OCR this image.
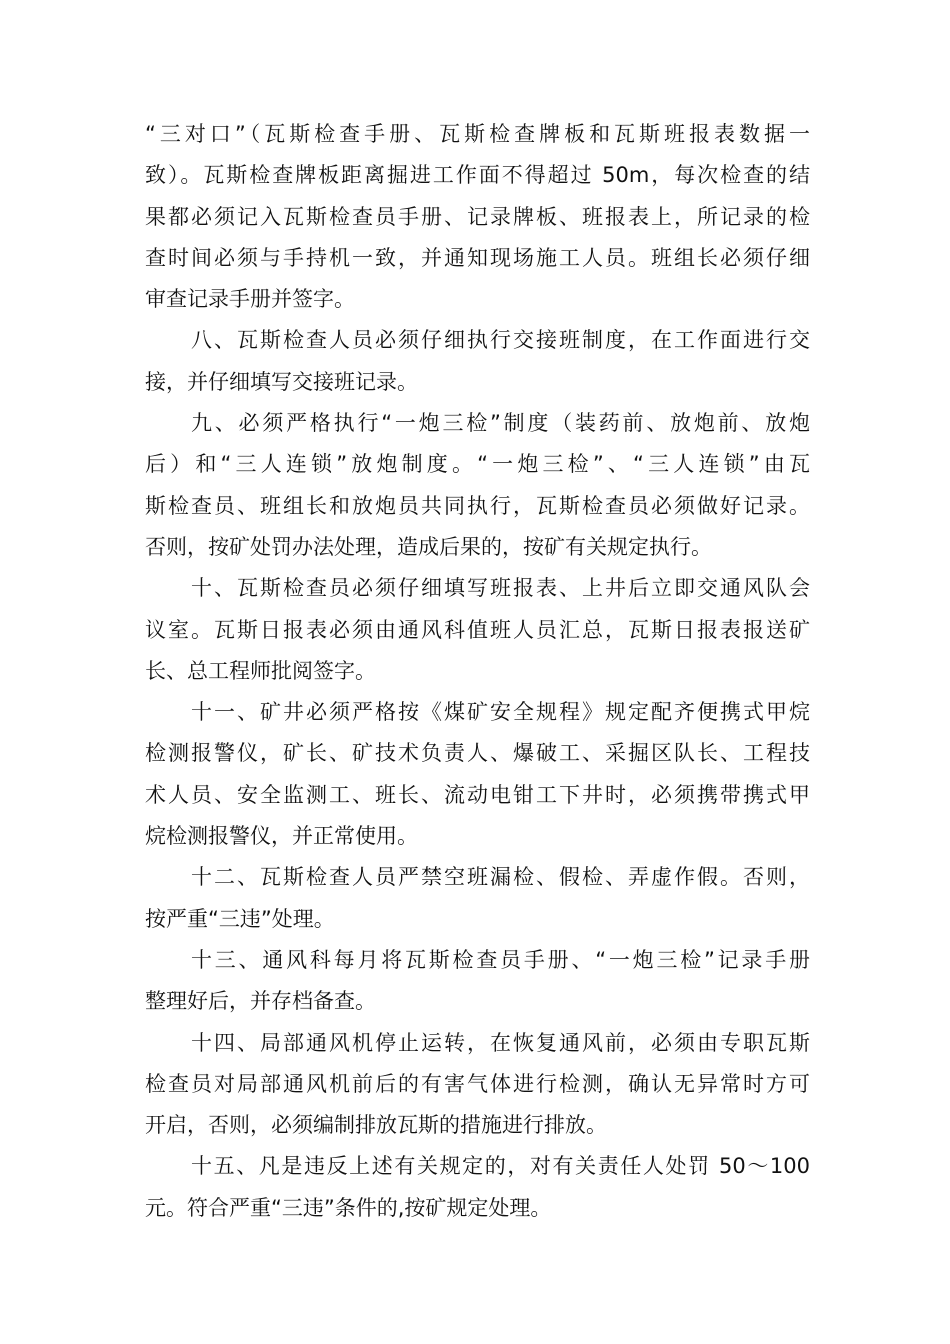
“三对口”（瓦斯检查手册、瓦斯检查牌板和瓦斯班报表数据一
致）。瓦斯检查牌板距离掘进工作面不得超过 50m，每次检查的结
果都必须记入瓦斯检查员手册、记录牌板、班报表上，所记录的检
查时间必须与手持机一致，并通知现场施工人员。班组长必须仔细
审查记录手册并签字。
八、瓦斯检查人员必须仔细执行交接班制度，在工作面进行交
接，并仔细填写交接班记录。
九、必须严格执行“一炮三检”制度（装药前、放炮前、放炮
后）和“三人连锁”放炮制度。“一炮三检”、“三人连锁”由瓦
斯检查员、班组长和放炮员共同执行，瓦斯检查员必须做好记录。
否则，按矿处罚办法处理，造成后果的，按矿有关规定执行。
十、瓦斯检查员必须仔细填写班报表、上井后立即交通风队会
议室。瓦斯日报表必须由通风科值班人员汇总，瓦斯日报表报送矿
长、总工程师批阅签字。
十一、矿井必须严格按《煤矿安全规程》规定配齐便携式甲烷
检测报警仪，矿长、矿技术负责人、爆破工、采掘区队长、工程技
术人员、安全监测工、班长、流动电钳工下井时，必须携带携式甲
烷检测报警仪，并正常使用。
十二、瓦斯检查人员严禁空班漏检、假检、弄虚作假。否则，
按严重“三违”处理。
十三、通风科每月将瓦斯检查员手册、“一炮三检”记录手册
整理好后，并存档备查。
十四、局部通风机停止运转，在恢复通风前，必须由专职瓦斯
检查员对局部通风机前后的有害气体进行检测，确认无异常时方可
开启，否则，必须编制排放瓦斯的措施进行排放。
十五、凡是违反上述有关规定的，对有关责任人处罚 50～100
元。符合严重“三违”条件的,按矿规定处理。
